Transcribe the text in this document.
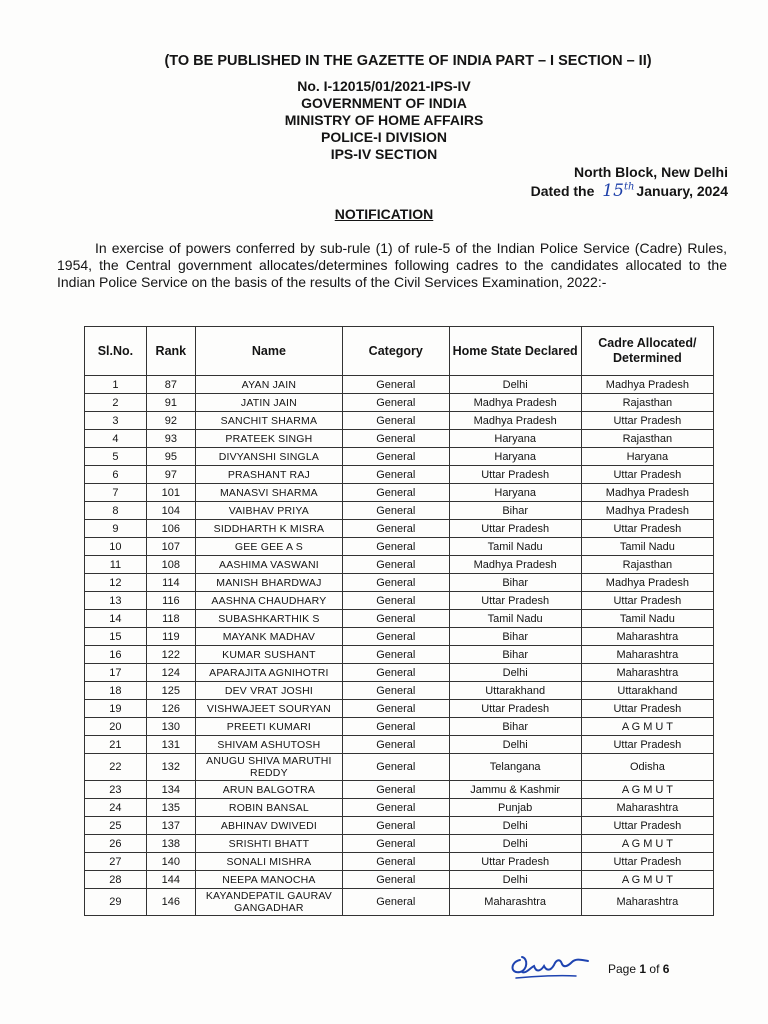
(TO BE PUBLISHED IN THE GAZETTE OF INDIA PART – I SECTION – II)
No. I-12015/01/2021-IPS-IV
GOVERNMENT OF INDIA
MINISTRY OF HOME AFFAIRS
POLICE-I DIVISION
IPS-IV SECTION
North Block, New Delhi
Dated the 15th January, 2024
NOTIFICATION
In exercise of powers conferred by sub-rule (1) of rule-5 of the Indian Police Service (Cadre) Rules, 1954, the Central government allocates/determines following cadres to the candidates allocated to the Indian Police Service on the basis of the results of the Civil Services Examination, 2022:-
Sl.No.	Rank	Name	Category	Home State Declared	Cadre Allocated/ Determined
1	87	AYAN JAIN	General	Delhi	Madhya Pradesh
2	91	JATIN JAIN	General	Madhya Pradesh	Rajasthan
3	92	SANCHIT SHARMA	General	Madhya Pradesh	Uttar Pradesh
4	93	PRATEEK SINGH	General	Haryana	Rajasthan
5	95	DIVYANSHI SINGLA	General	Haryana	Haryana
6	97	PRASHANT RAJ	General	Uttar Pradesh	Uttar Pradesh
7	101	MANASVI SHARMA	General	Haryana	Madhya Pradesh
8	104	VAIBHAV PRIYA	General	Bihar	Madhya Pradesh
9	106	SIDDHARTH K MISRA	General	Uttar Pradesh	Uttar Pradesh
10	107	GEE GEE A S	General	Tamil Nadu	Tamil Nadu
11	108	AASHIMA VASWANI	General	Madhya Pradesh	Rajasthan
12	114	MANISH BHARDWAJ	General	Bihar	Madhya Pradesh
13	116	AASHNA CHAUDHARY	General	Uttar Pradesh	Uttar Pradesh
14	118	SUBASHKARTHIK S	General	Tamil Nadu	Tamil Nadu
15	119	MAYANK MADHAV	General	Bihar	Maharashtra
16	122	KUMAR SUSHANT	General	Bihar	Maharashtra
17	124	APARAJITA AGNIHOTRI	General	Delhi	Maharashtra
18	125	DEV VRAT JOSHI	General	Uttarakhand	Uttarakhand
19	126	VISHWAJEET SOURYAN	General	Uttar Pradesh	Uttar Pradesh
20	130	PREETI KUMARI	General	Bihar	A G M U T
21	131	SHIVAM ASHUTOSH	General	Delhi	Uttar Pradesh
22	132	ANUGU SHIVA MARUTHI REDDY	General	Telangana	Odisha
23	134	ARUN BALGOTRA	General	Jammu & Kashmir	A G M U T
24	135	ROBIN BANSAL	General	Punjab	Maharashtra
25	137	ABHINAV DWIVEDI	General	Delhi	Uttar Pradesh
26	138	SRISHTI BHATT	General	Delhi	A G M U T
27	140	SONALI MISHRA	General	Uttar Pradesh	Uttar Pradesh
28	144	NEEPA MANOCHA	General	Delhi	A G M U T
29	146	KAYANDEPATIL GAURAV GANGADHAR	General	Maharashtra	Maharashtra
Page 1 of 6
